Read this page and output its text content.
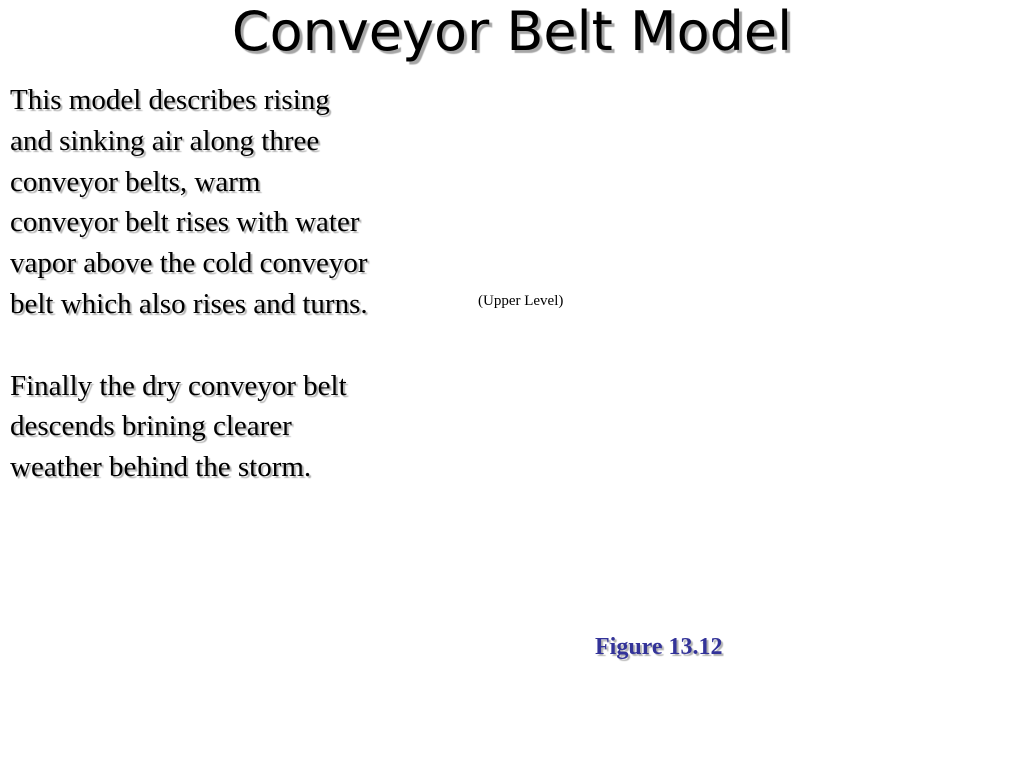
Conveyor Belt Model

This model describes rising and sinking air along three conveyor belts, warm conveyor belt rises with water vapor above the cold conveyor belt which also rises and turns.

Finally the dry conveyor belt descends brining clearer weather behind the storm.

(Upper Level)
Figure 13.12
